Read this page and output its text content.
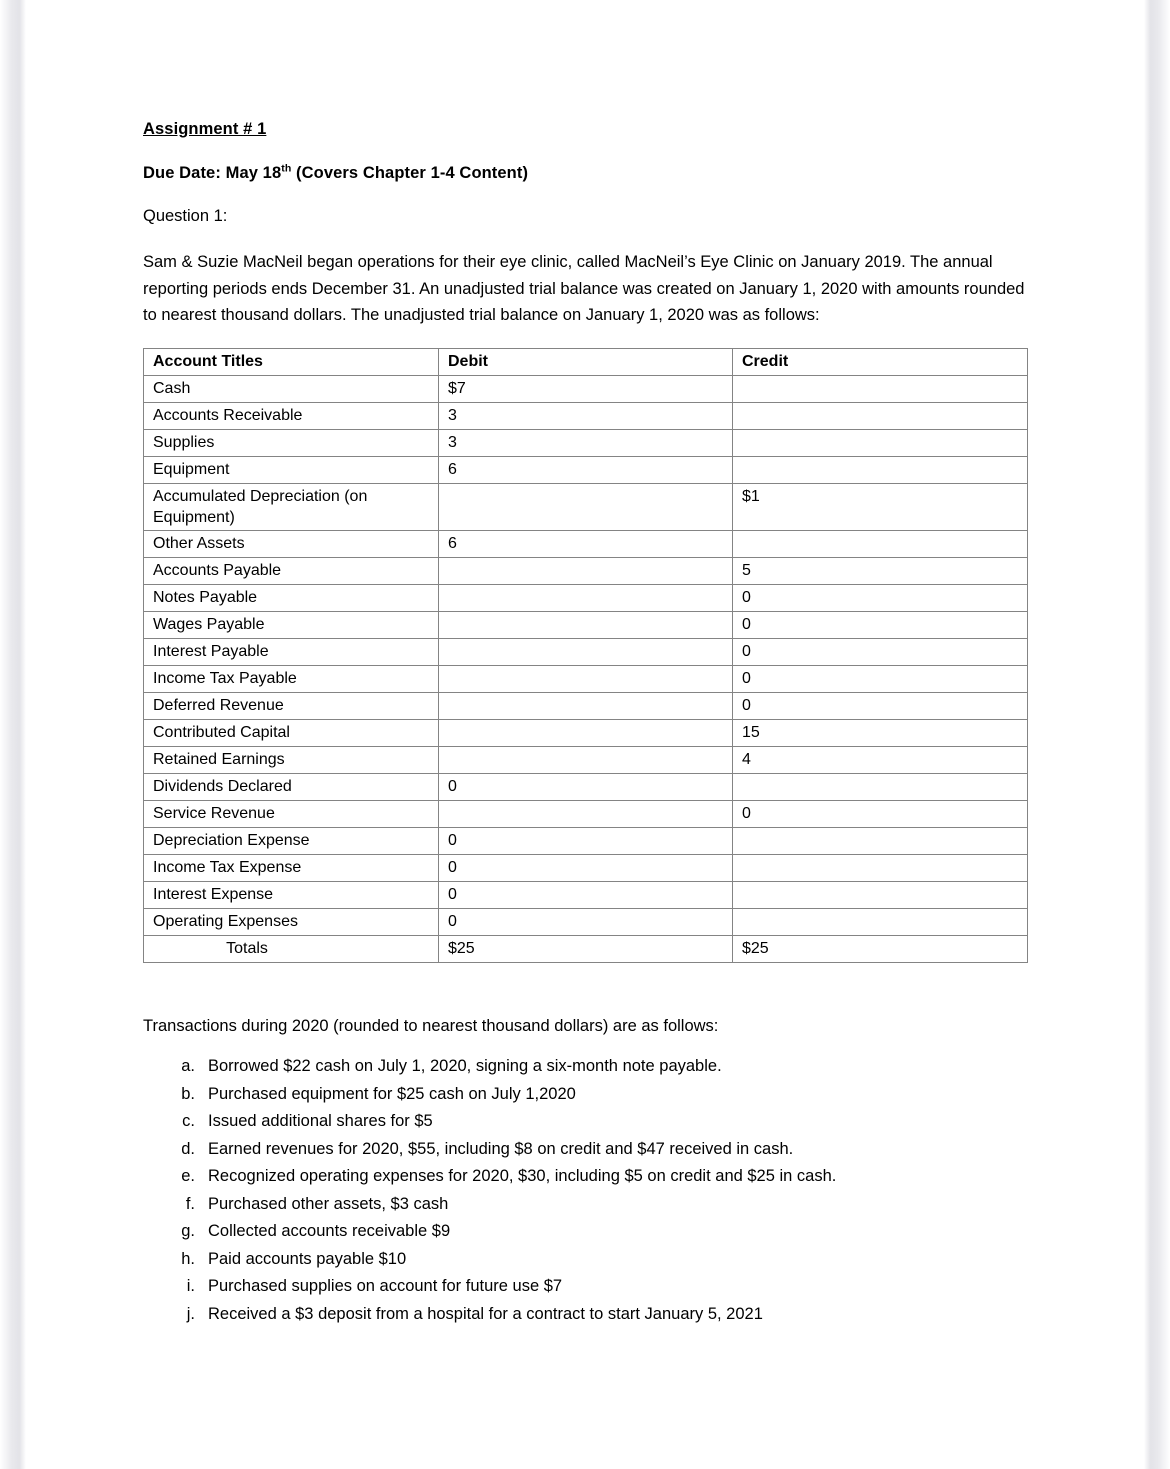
Assignment # 1
Due Date: May 18th (Covers Chapter 1-4 Content)
Question 1:

Sam & Suzie MacNeil began operations for their eye clinic, called MacNeil’s Eye Clinic on January 2019. The annual reporting periods ends December 31. An unadjusted trial balance was created on January 1, 2020 with amounts rounded to nearest thousand dollars. The unadjusted trial balance on January 1, 2020 was as follows:

Account Titles	Debit	Credit
Cash	$7	
Accounts Receivable	3	
Supplies	3	
Equipment	6	
Accumulated Depreciation (on Equipment)		$1
Other Assets	6	
Accounts Payable		5
Notes Payable		0
Wages Payable		0
Interest Payable		0
Income Tax Payable		0
Deferred Revenue		0
Contributed Capital		15
Retained Earnings		4
Dividends Declared	0	
Service Revenue		0
Depreciation Expense	0	
Income Tax Expense	0	
Interest Expense	0	
Operating Expenses	0	
Totals	$25	$25

Transactions during 2020 (rounded to nearest thousand dollars) are as follows:

a. Borrowed $22 cash on July 1, 2020, signing a six-month note payable.
b. Purchased equipment for $25 cash on July 1,2020
c. Issued additional shares for $5
d. Earned revenues for 2020, $55, including $8 on credit and $47 received in cash.
e. Recognized operating expenses for 2020, $30, including $5 on credit and $25 in cash.
f. Purchased other assets, $3 cash
g. Collected accounts receivable $9
h. Paid accounts payable $10
i. Purchased supplies on account for future use $7
j. Received a $3 deposit from a hospital for a contract to start January 5, 2021
